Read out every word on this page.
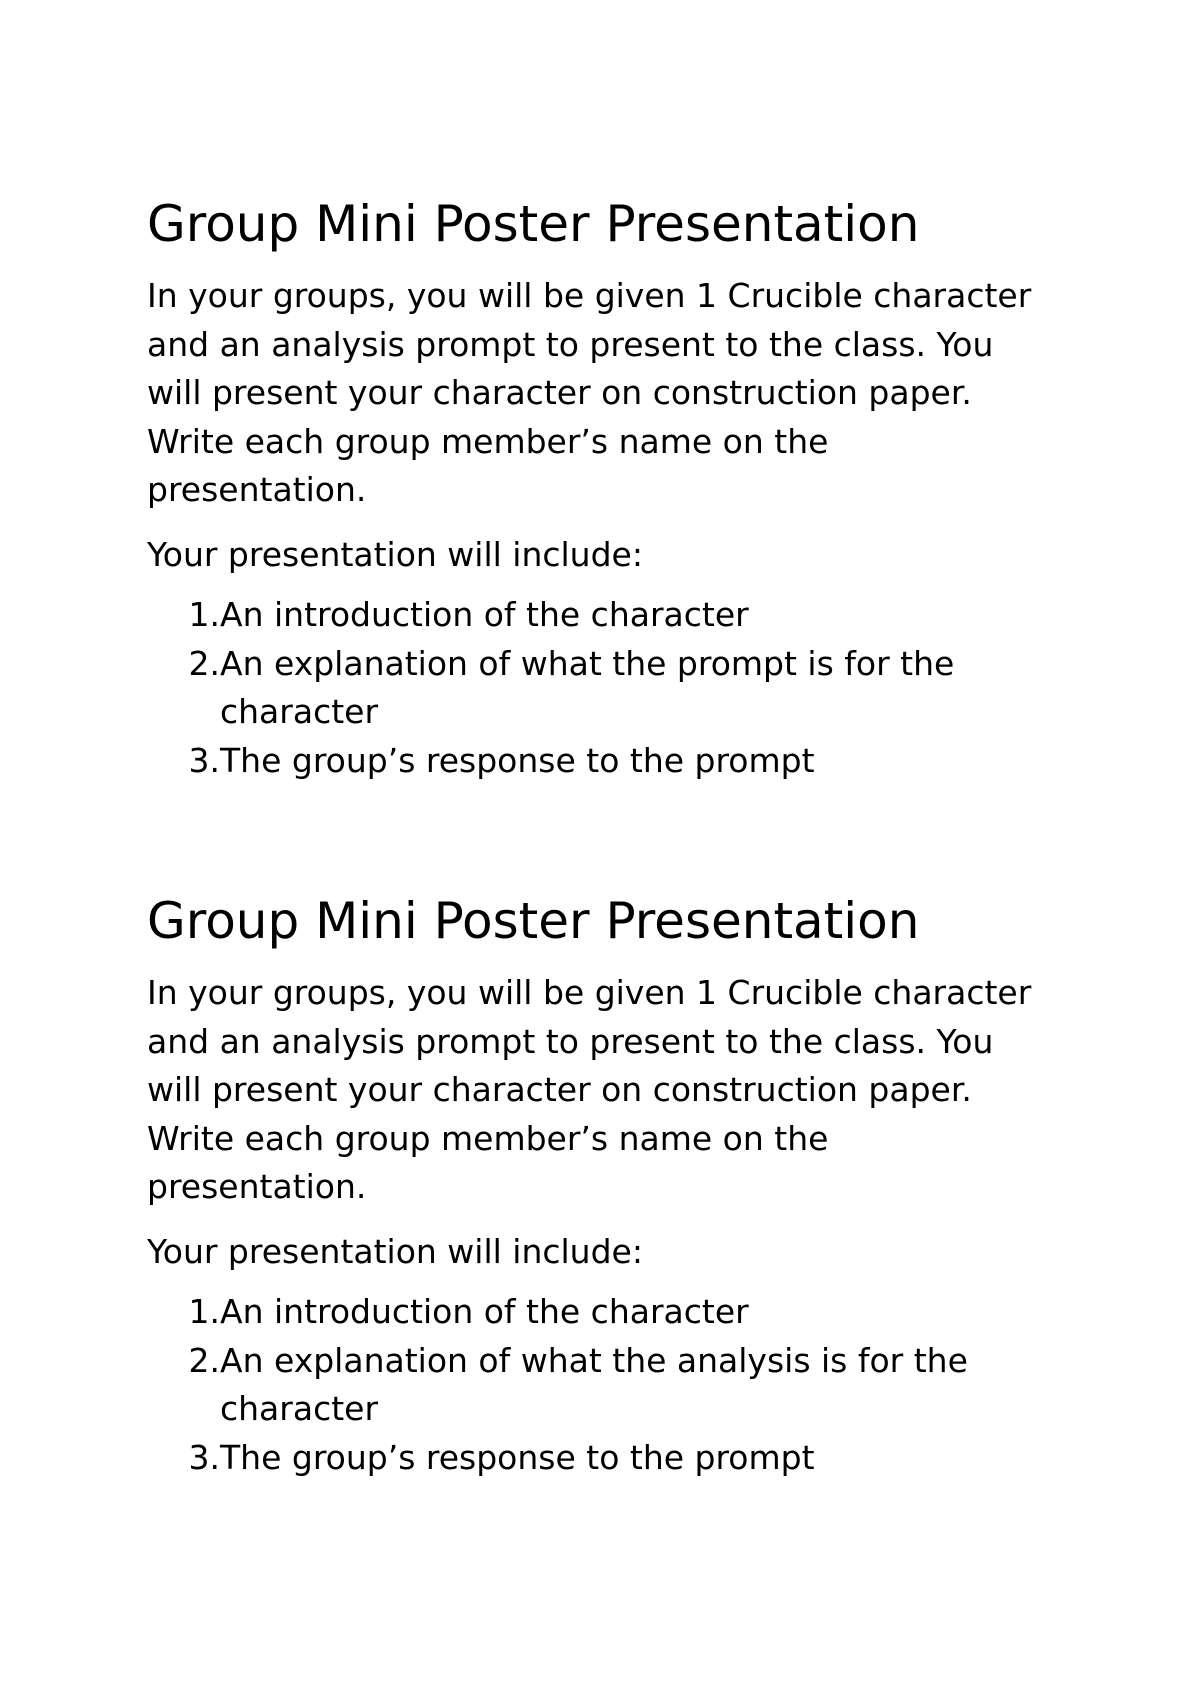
Group Mini Poster Presentation

In your groups, you will be given 1 Crucible character and an analysis prompt to present to the class. You will present your character on construction paper. Write each group member’s name on the presentation.

Your presentation will include:

1. An introduction of the character
2. An explanation of what the prompt is for the character
3. The group’s response to the prompt
Group Mini Poster Presentation

In your groups, you will be given 1 Crucible character and an analysis prompt to present to the class. You will present your character on construction paper. Write each group member’s name on the presentation.

Your presentation will include:

1. An introduction of the character
2. An explanation of what the analysis is for the character
3. The group’s response to the prompt
